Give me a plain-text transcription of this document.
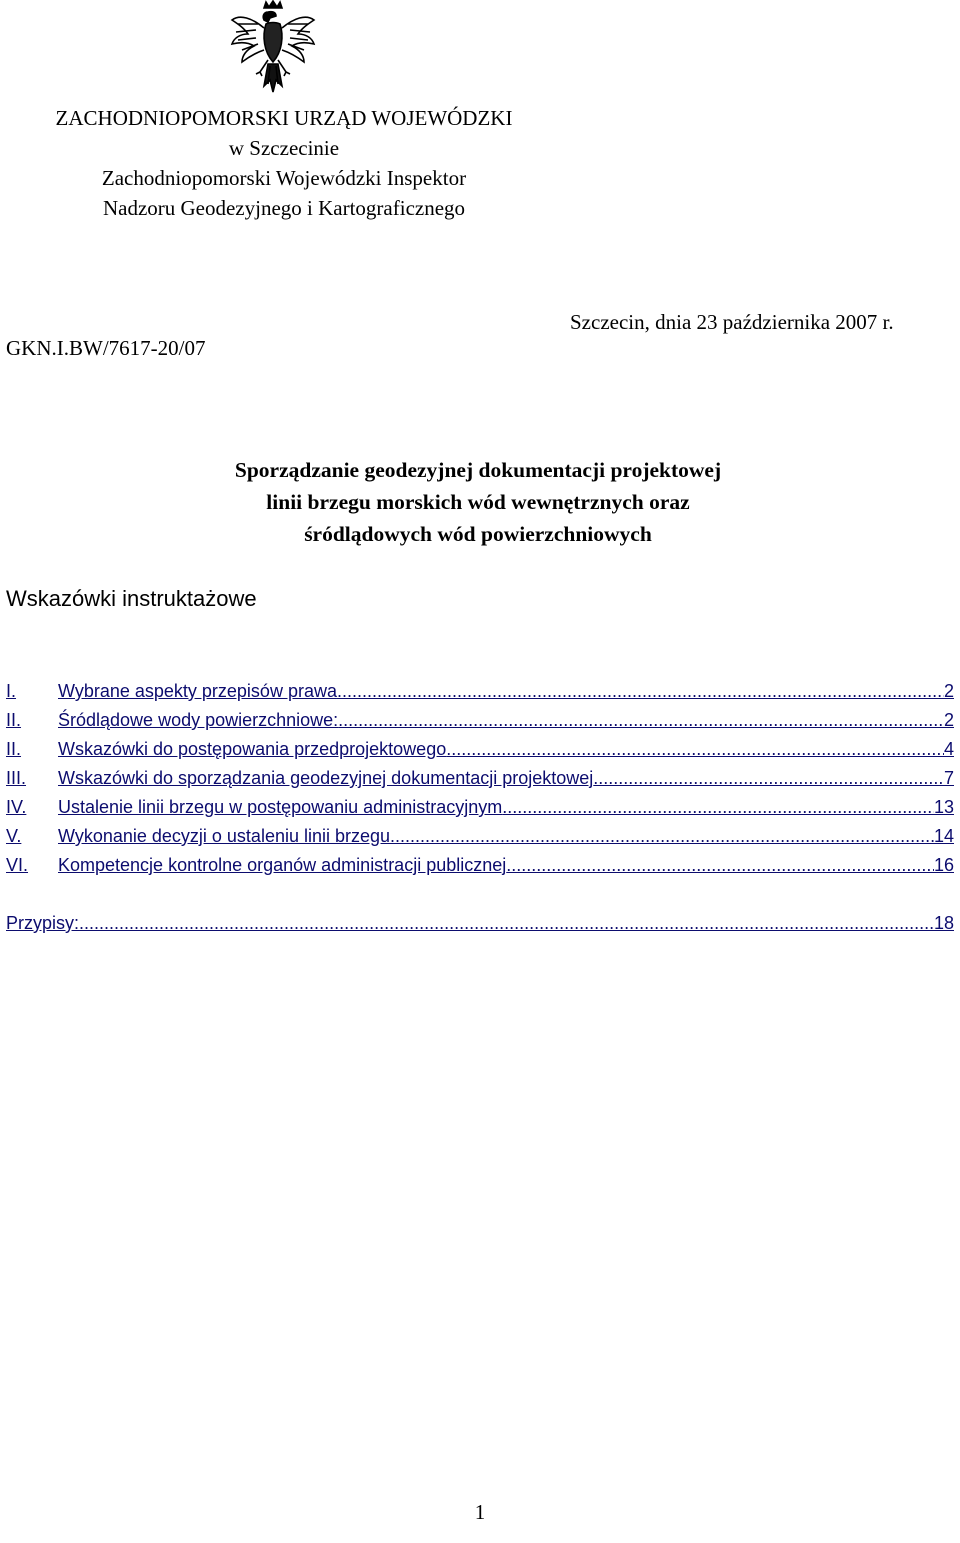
ZACHODNIOPOMORSKI URZĄD WOJEWÓDZKI
w Szczecinie
Zachodniopomorski Wojewódzki Inspektor
Nadzoru Geodezyjnego i Kartograficznego
Szczecin, dnia 23 października 2007 r.
GKN.I.BW/7617-20/07
Sporządzanie geodezyjnej dokumentacji projektowej
linii brzegu morskich wód wewnętrznych oraz
śródlądowych wód powierzchniowych
Wskazówki instruktażowe
I.	Wybrane aspekty przepisów prawa .....	2
II.	Śródlądowe wody powierzchniowe: .....	2
II.	Wskazówki do postępowania przedprojektowego .....	4
III.	Wskazówki do sporządzania geodezyjnej dokumentacji projektowej .....	7
IV.	Ustalenie linii brzegu w postępowaniu administracyjnym .....	13
V.	Wykonanie decyzji o ustaleniu linii brzegu .....	14
VI.	Kompetencje kontrolne organów administracji publicznej .....	16
Przypisy: .....	18
1
